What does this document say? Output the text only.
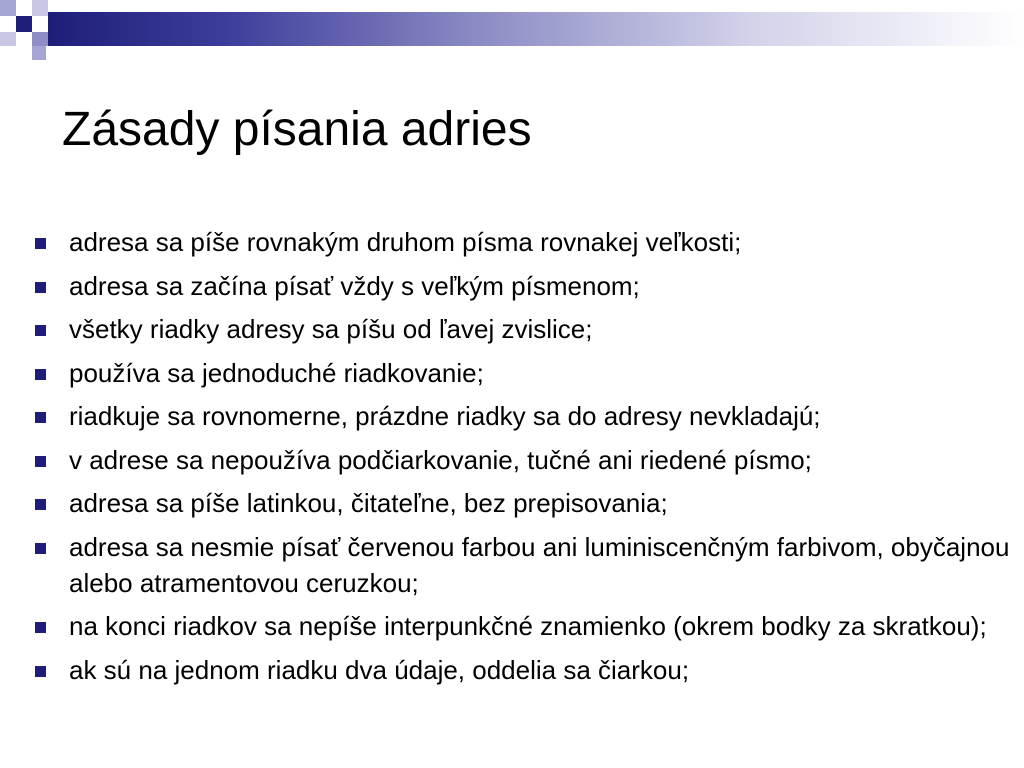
Zásady písania adries
adresa sa píše rovnakým druhom písma rovnakej veľkosti;
adresa sa začína písať vždy s veľkým písmenom;
všetky riadky adresy sa píšu od ľavej zvislice;
používa sa jednoduché riadkovanie;
riadkuje sa rovnomerne, prázdne riadky sa do adresy nevkladajú;
v adrese sa nepoužíva podčiarkovanie, tučné ani riedené písmo;
adresa sa píše latinkou, čitateľne, bez prepisovania;
adresa sa nesmie písať červenou farbou ani luminiscenčným farbivom, obyčajnou alebo atramentovou ceruzkou;
na konci riadkov sa nepíše interpunkčné znamienko (okrem bodky za skratkou);
ak sú na jednom riadku dva údaje, oddelia sa čiarkou;
